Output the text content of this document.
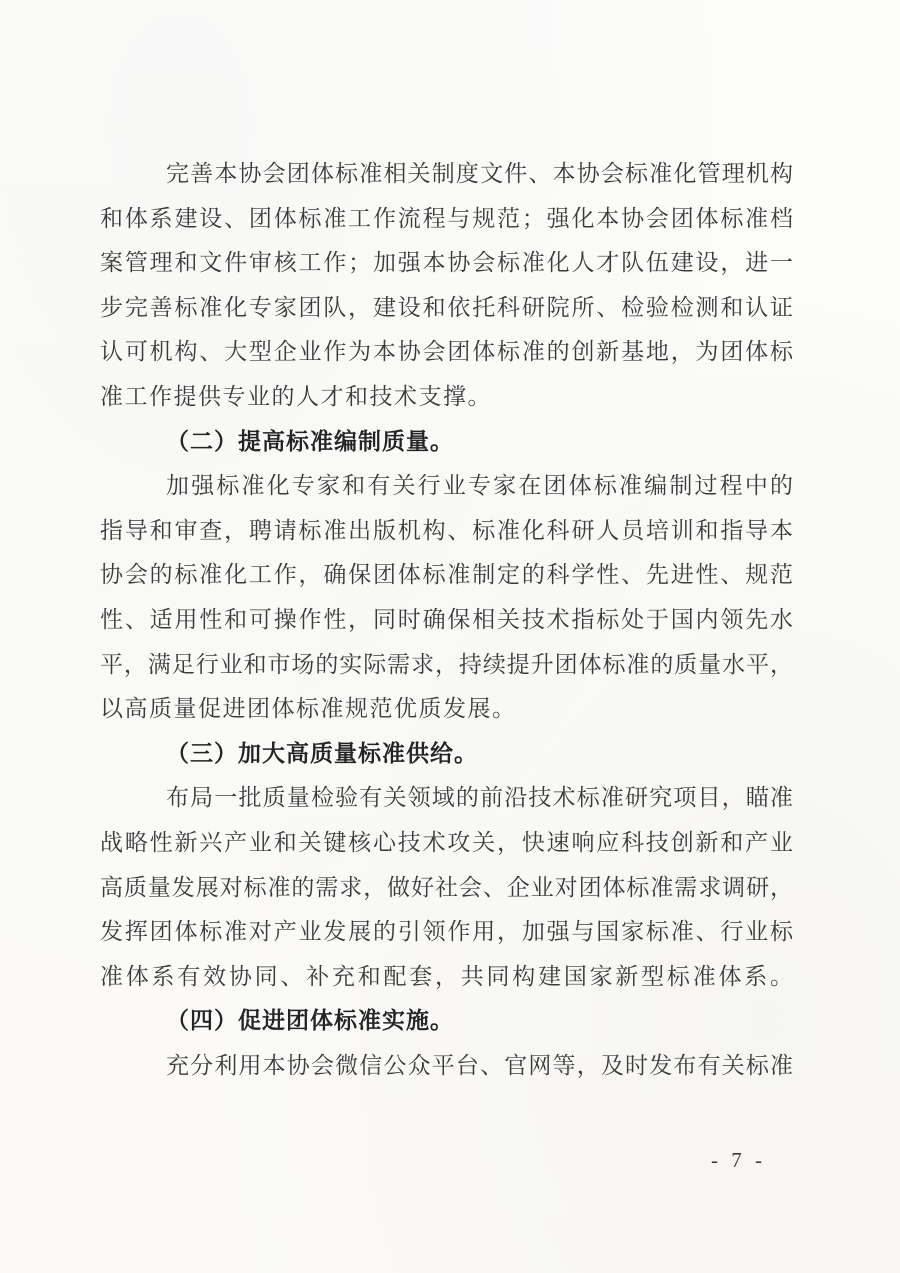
完善本协会团体标准相关制度文件、本协会标准化管理机构
和体系建设、团体标准工作流程与规范；强化本协会团体标准档
案管理和文件审核工作；加强本协会标准化人才队伍建设，进一
步完善标准化专家团队，建设和依托科研院所、检验检测和认证
认可机构、大型企业作为本协会团体标准的创新基地，为团体标
准工作提供专业的人才和技术支撑。
（二）提高标准编制质量。
加强标准化专家和有关行业专家在团体标准编制过程中的
指导和审查，聘请标准出版机构、标准化科研人员培训和指导本
协会的标准化工作，确保团体标准制定的科学性、先进性、规范
性、适用性和可操作性，同时确保相关技术指标处于国内领先水
平，满足行业和市场的实际需求，持续提升团体标准的质量水平，
以高质量促进团体标准规范优质发展。
（三）加大高质量标准供给。
布局一批质量检验有关领域的前沿技术标准研究项目，瞄准
战略性新兴产业和关键核心技术攻关，快速响应科技创新和产业
高质量发展对标准的需求，做好社会、企业对团体标准需求调研，
发挥团体标准对产业发展的引领作用，加强与国家标准、行业标
准体系有效协同、补充和配套，共同构建国家新型标准体系。
（四）促进团体标准实施。
充分利用本协会微信公众平台、官网等，及时发布有关标准
- 7 -
